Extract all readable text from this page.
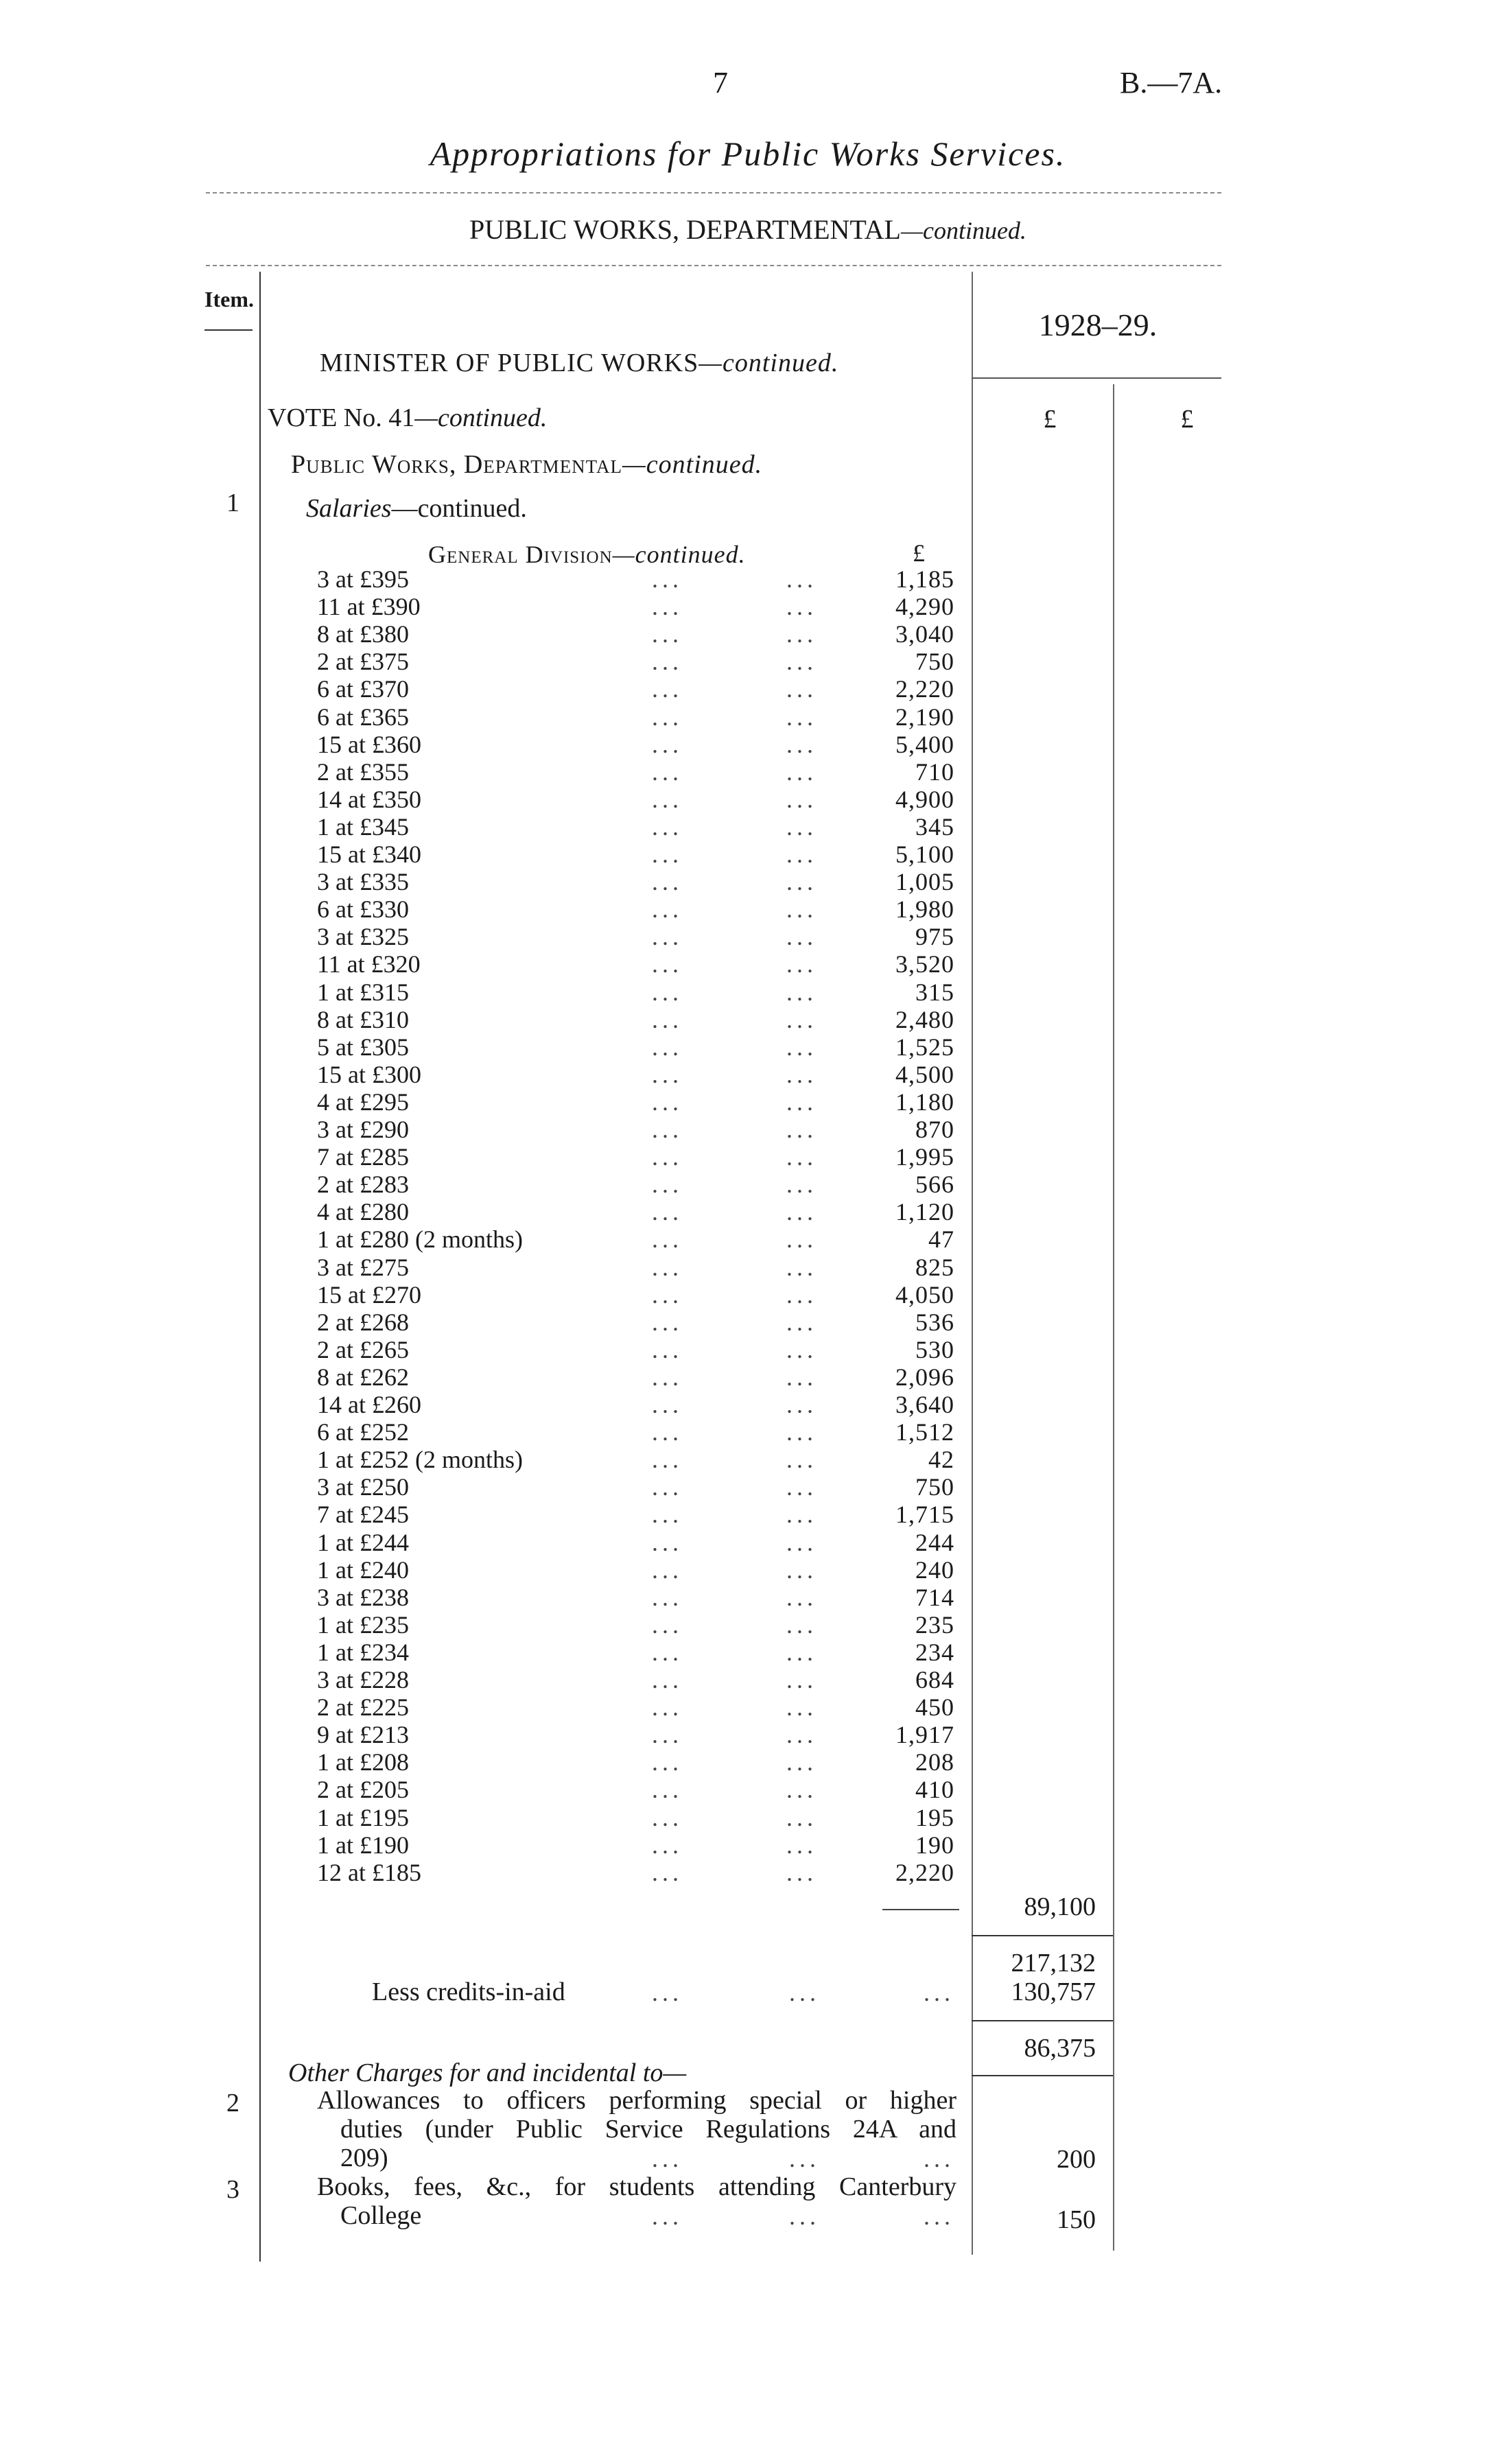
7	B.—7A.
Appropriations for Public Works Services.
PUBLIC WORKS, DEPARTMENTAL—continued.
Item.
1928–29.
£	£
MINISTER OF PUBLIC WORKS—continued.
VOTE No. 41—continued.
Public Works, Departmental—continued.
1	Salaries—continued.
General Division—continued.	£
3 at £395	...	...	1,185
11 at £390	...	...	4,290
8 at £380	...	...	3,040
2 at £375	...	...	750
6 at £370	...	...	2,220
6 at £365	...	...	2,190
15 at £360	...	...	5,400
2 at £355	...	...	710
14 at £350	...	...	4,900
1 at £345	...	...	345
15 at £340	...	...	5,100
3 at £335	...	...	1,005
6 at £330	...	...	1,980
3 at £325	...	...	975
11 at £320	...	...	3,520
1 at £315	...	...	315
8 at £310	...	...	2,480
5 at £305	...	...	1,525
15 at £300	...	...	4,500
4 at £295	...	...	1,180
3 at £290	...	...	870
7 at £285	...	...	1,995
2 at £283	...	...	566
4 at £280	...	...	1,120
1 at £280 (2 months)	...	...	47
3 at £275	...	...	825
15 at £270	...	...	4,050
2 at £268	...	...	536
2 at £265	...	...	530
8 at £262	...	...	2,096
14 at £260	...	...	3,640
6 at £252	...	...	1,512
1 at £252 (2 months)	...	...	42
3 at £250	...	...	750
7 at £245	...	...	1,715
1 at £244	...	...	244
1 at £240	...	...	240
3 at £238	...	...	714
1 at £235	...	...	235
1 at £234	...	...	234
3 at £228	...	...	684
2 at £225	...	...	450
9 at £213	...	...	1,917
1 at £208	...	...	208
2 at £205	...	...	410
1 at £195	...	...	195
1 at £190	...	...	190
12 at £185	...	...	2,220
89,100
217,132
Less credits-in-aid	...	...	... 130,757
86,375
Other Charges for and incidental to—
2	Allowances to officers performing special or higher
duties (under Public Service Regulations 24A and
209)	...	...	...	200
3	Books, fees, &c., for students attending Canterbury
College	...	...	...	150
